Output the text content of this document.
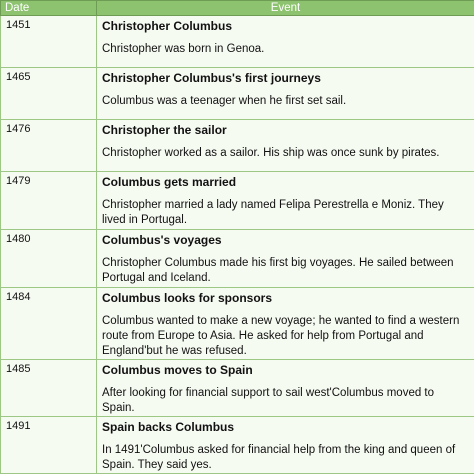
Date	Event
1451	Christopher Columbus
Christopher was born in Genoa.

1465	Christopher Columbus's first journeys
Columbus was a teenager when he first set sail.

1476	Christopher the sailor
Christopher worked as a sailor. His ship was once sunk by pirates.

1479	Columbus gets married
Christopher married a lady named Felipa Perestrella e Moniz. They lived in Portugal.

1480	Columbus's voyages
Christopher Columbus made his first big voyages. He sailed between Portugal and Iceland.

1484	Columbus looks for sponsors
Columbus wanted to make a new voyage; he wanted to find a western route from Europe to Asia. He asked for help from Portugal and England'but he was refused.

1485	Columbus moves to Spain
After looking for financial support to sail west'Columbus moved to Spain.

1491	Spain backs Columbus
In 1491'Columbus asked for financial help from the king and queen of Spain. They said yes.
